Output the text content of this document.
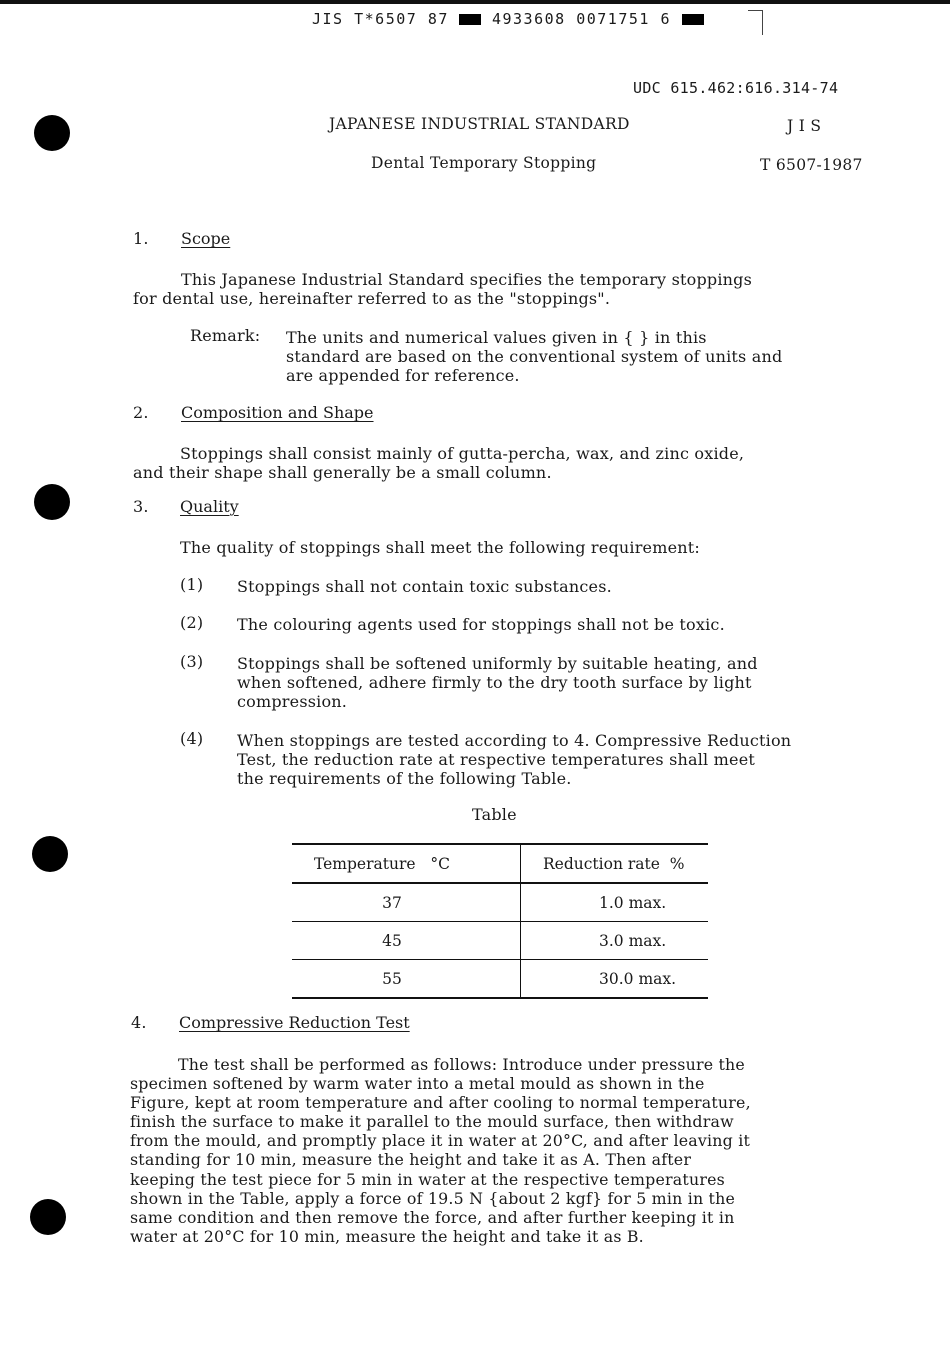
JIS T*6507 87	4933608 0071751 6
UDC 615.462:616.314-74
JAPANESE INDUSTRIAL STANDARD	J I S
Dental Temporary Stopping	T 6507-1987
1. Scope
This Japanese Industrial Standard specifies the temporary stoppings
for dental use, hereinafter referred to as the "stoppings".
Remark: The units and numerical values given in { } in this
standard are based on the conventional system of units and
are appended for reference.
2. Composition and Shape
Stoppings shall consist mainly of gutta-percha, wax, and zinc oxide,
and their shape shall generally be a small column.
3. Quality
The quality of stoppings shall meet the following requirement:
(1) Stoppings shall not contain toxic substances.
(2) The colouring agents used for stoppings shall not be toxic.
(3) Stoppings shall be softened uniformly by suitable heating, and
when softened, adhere firmly to the dry tooth surface by light
compression.
(4) When stoppings are tested according to 4. Compressive Reduction
Test, the reduction rate at respective temperatures shall meet
the requirements of the following Table.
Table
Temperature   °C	Reduction rate  %
37	1.0 max.
45	3.0 max.
55	30.0 max.
4. Compressive Reduction Test
The test shall be performed as follows: Introduce under pressure the
specimen softened by warm water into a metal mould as shown in the
Figure, kept at room temperature and after cooling to normal temperature,
finish the surface to make it parallel to the mould surface, then withdraw
from the mould, and promptly place it in water at 20°C, and after leaving it
standing for 10 min, measure the height and take it as A. Then after
keeping the test piece for 5 min in water at the respective temperatures
shown in the Table, apply a force of 19.5 N {about 2 kgf} for 5 min in the
same condition and then remove the force, and after further keeping it in
water at 20°C for 10 min, measure the height and take it as B.
